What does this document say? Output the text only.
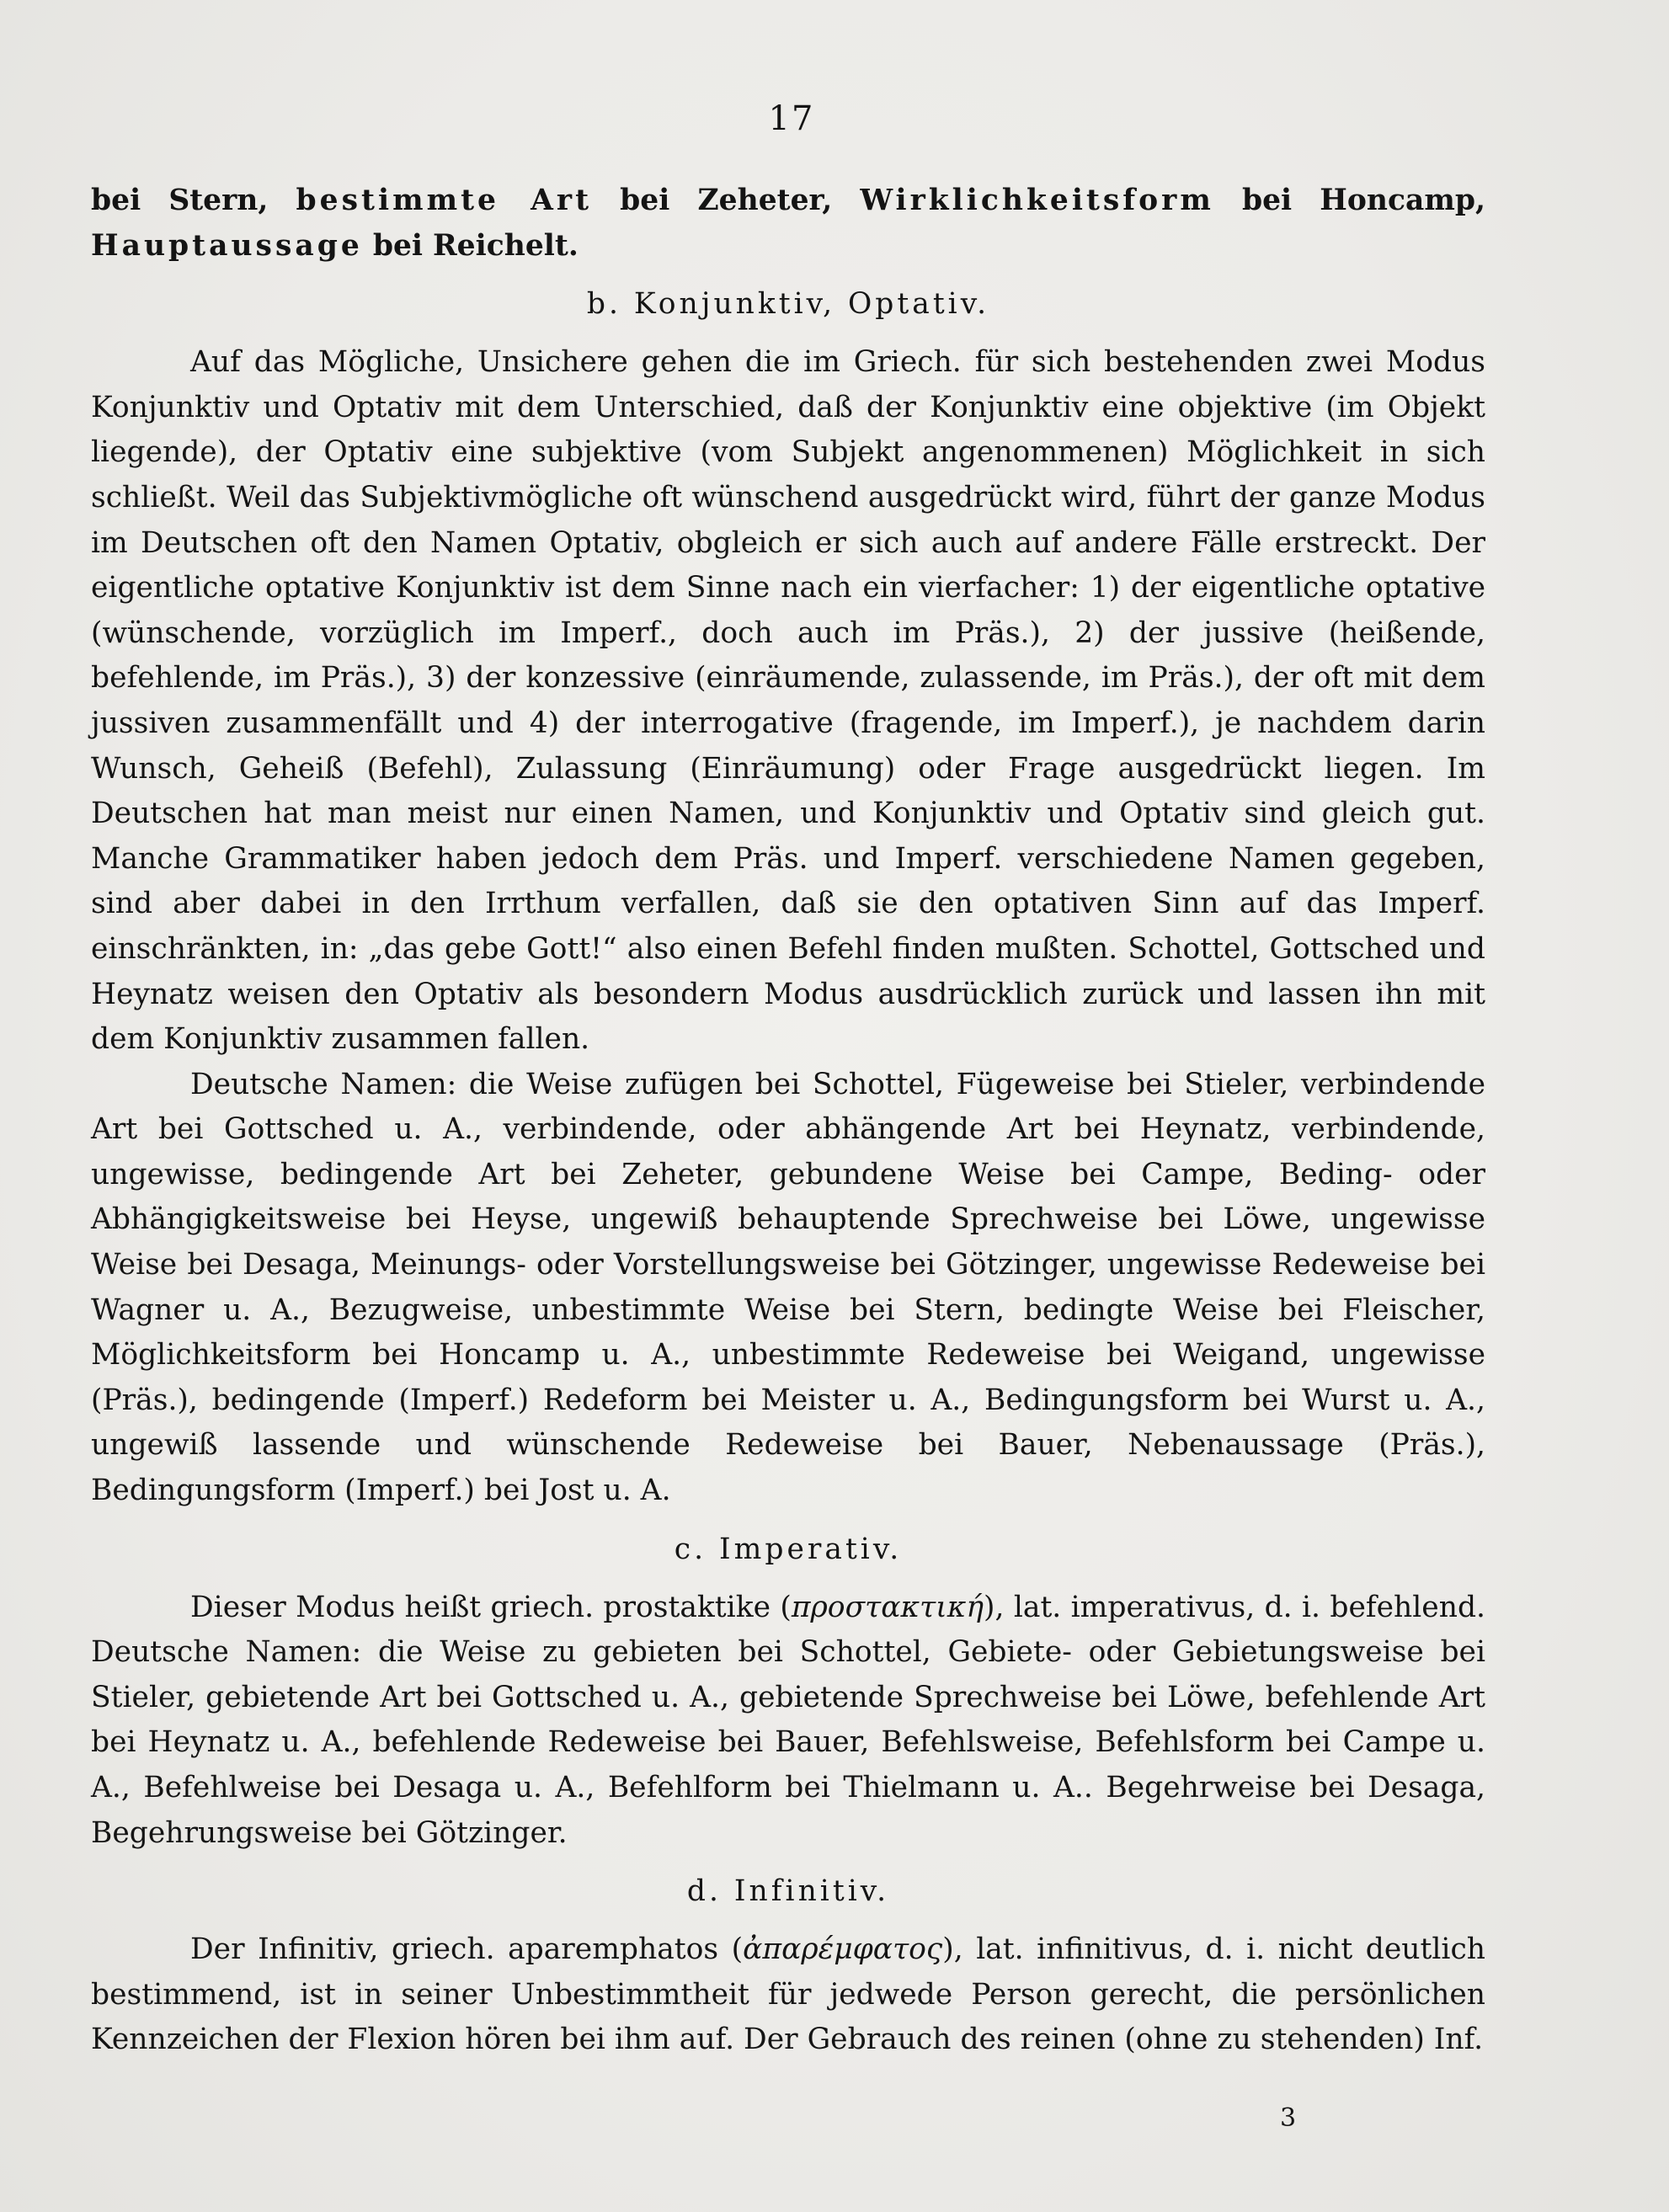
17

bei Stern, bestimmte Art bei Zeheter, Wirklichkeitsform bei Honcamp, Hauptaussage bei Reichelt.

b. Konjunktiv, Optativ.

Auf das Mögliche, Unsichere gehen die im Griech. für sich bestehenden zwei Modus Konjunktiv und Optativ mit dem Unterschied, daß der Konjunktiv eine objektive (im Objekt liegende), der Optativ eine subjektive (vom Subjekt angenommenen) Möglichkeit in sich schließt. Weil das Subjektivmögliche oft wünschend ausgedrückt wird, führt der ganze Modus im Deutschen oft den Namen Optativ, obgleich er sich auch auf andere Fälle erstreckt. Der eigentliche optative Konjunktiv ist dem Sinne nach ein vierfacher: 1) der eigentliche optative (wünschende, vorzüglich im Imperf., doch auch im Präs.), 2) der jussive (heißende, befehlende, im Präs.), 3) der konzessive (einräumende, zulassende, im Präs.), der oft mit dem jussiven zusammenfällt und 4) der interrogative (fragende, im Imperf.), je nachdem darin Wunsch, Geheiß (Befehl), Zulassung (Einräumung) oder Frage ausgedrückt liegen. Im Deutschen hat man meist nur einen Namen, und Konjunktiv und Optativ sind gleich gut. Manche Grammatiker haben jedoch dem Präs. und Imperf. verschiedene Namen gegeben, sind aber dabei in den Irrthum verfallen, daß sie den optativen Sinn auf das Imperf. einschränkten, in: „das gebe Gott!“ also einen Befehl finden mußten. Schottel, Gottsched und Heynatz weisen den Optativ als besondern Modus ausdrücklich zurück und lassen ihn mit dem Konjunktiv zusammen fallen.

Deutsche Namen: die Weise zufügen bei Schottel, Fügeweise bei Stieler, verbindende Art bei Gottsched u. A., verbindende, oder abhängende Art bei Heynatz, verbindende, ungewisse, bedingende Art bei Zeheter, gebundene Weise bei Campe, Beding- oder Abhängigkeitsweise bei Heyse, ungewiß behauptende Sprechweise bei Löwe, ungewisse Weise bei Desaga, Meinungs- oder Vorstellungsweise bei Götzinger, ungewisse Redeweise bei Wagner u. A., Bezugweise, unbestimmte Weise bei Stern, bedingte Weise bei Fleischer, Möglichkeitsform bei Honcamp u. A., unbestimmte Redeweise bei Weigand, ungewisse (Präs.), bedingende (Imperf.) Redeform bei Meister u. A., Bedingungsform bei Wurst u. A., ungewiß lassende und wünschende Redeweise bei Bauer, Nebenaussage (Präs.), Bedingungsform (Imperf.) bei Jost u. A.

c. Imperativ.

Dieser Modus heißt griech. prostaktike (προστακτική), lat. imperativus, d. i. befehlend. Deutsche Namen: die Weise zu gebieten bei Schottel, Gebiete- oder Gebietungsweise bei Stieler, gebietende Art bei Gottsched u. A., gebietende Sprechweise bei Löwe, befehlende Art bei Heynatz u. A., befehlende Redeweise bei Bauer, Befehlsweise, Befehlsform bei Campe u. A., Befehlweise bei Desaga u. A., Befehlform bei Thielmann u. A.. Begehrweise bei Desaga, Begehrungsweise bei Götzinger.

d. Infinitiv.

Der Infinitiv, griech. aparemphatos (ἀπαρέμφατος), lat. infinitivus, d. i. nicht deutlich bestimmend, ist in seiner Unbestimmtheit für jedwede Person gerecht, die persönlichen Kennzeichen der Flexion hören bei ihm auf. Der Gebrauch des reinen (ohne zu stehenden) Inf.

3
